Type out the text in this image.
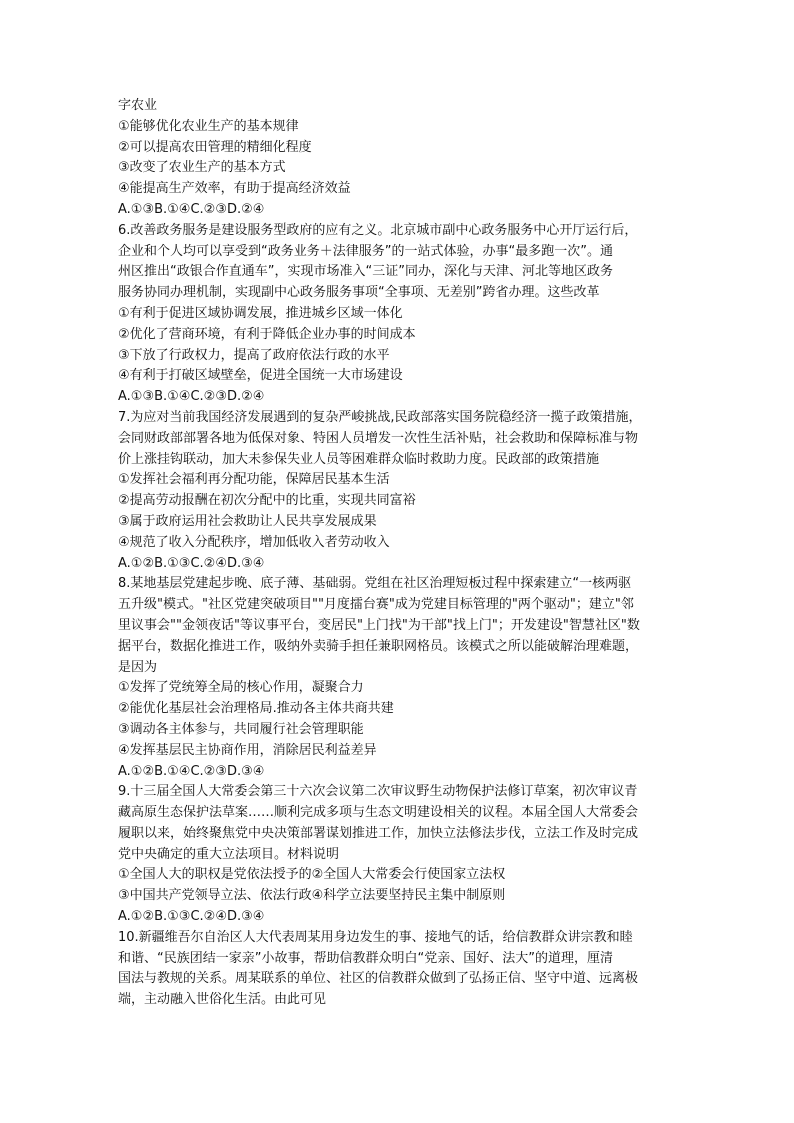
字农业
①能够优化农业生产的基本规律
②可以提高农田管理的精细化程度
③改变了农业生产的基本方式
④能提高生产效率，有助于提高经济效益
A.①③B.①④C.②③D.②④
6.改善政务服务是建设服务型政府的应有之义。北京城市副中心政务服务中心开厅运行后，
企业和个人均可以享受到“政务业务＋法律服务”的一站式体验，办事“最多跑一次”。通
州区推出“政银合作直通车”，实现市场准入“三证”同办，深化与天津、河北等地区政务
服务协同办理机制，实现副中心政务服务事项“全事项、无差别”跨省办理。这些改革
①有利于促进区域协调发展，推进城乡区域一体化
②优化了营商环境，有利于降低企业办事的时间成本
③下放了行政权力，提高了政府依法行政的水平
④有利于打破区域壁垒，促进全国统一大市场建设
A.①③B.①④C.②③D.②④
7.为应对当前我国经济发展遇到的复杂严峻挑战,民政部落实国务院稳经济一揽子政策措施，
会同财政部部署各地为低保对象、特困人员增发一次性生活补贴，社会救助和保障标准与物
价上涨挂钩联动，加大未参保失业人员等困难群众临时救助力度。民政部的政策措施
①发挥社会福利再分配功能，保障居民基本生活
②提高劳动报酬在初次分配中的比重，实现共同富裕
③属于政府运用社会救助让人民共享发展成果
④规范了收入分配秩序，增加低收入者劳动收入
A.①②B.①③C.②④D.③④
8.某地基层党建起步晚、底子薄、基础弱。党组在社区治理短板过程中探索建立“一核两驱
五升级"模式。"社区党建突破项目""月度擂台赛"成为党建目标管理的"两个驱动"；建立"邻
里议事会""金领夜话"等议事平台，变居民"上门找"为干部"找上门"；开发建设"智慧社区"数
据平台，数据化推进工作，吸纳外卖骑手担任兼职网格员。该模式之所以能破解治理难题，
是因为
①发挥了党统筹全局的核心作用，凝聚合力
②能优化基层社会治理格局.推动各主体共商共建
③调动各主体参与，共同履行社会管理职能
④发挥基层民主协商作用，消除居民利益差异
A.①②B.①④C.②③D.③④
9.十三届全国人大常委会第三十六次会议第二次审议野生动物保护法修订草案，初次审议青
藏高原生态保护法草案……顺利完成多项与生态文明建设相关的议程。本届全国人大常委会
履职以来，始终聚焦党中央决策部署谋划推进工作，加快立法修法步伐，立法工作及时完成
党中央确定的重大立法项目。材料说明
①全国人大的职权是党依法授予的②全国人大常委会行使国家立法权
③中国共产党领导立法、依法行政④科学立法要坚持民主集中制原则
A.①②B.①③C.②④D.③④
10.新疆维吾尔自治区人大代表周某用身边发生的事、接地气的话，给信教群众讲宗教和睦
和谐、“民族团结一家亲”小故事，帮助信教群众明白“党亲、国好、法大”的道理，厘清
国法与教规的关系。周某联系的单位、社区的信教群众做到了弘扬正信、坚守中道、远离极
端，主动融入世俗化生活。由此可见
